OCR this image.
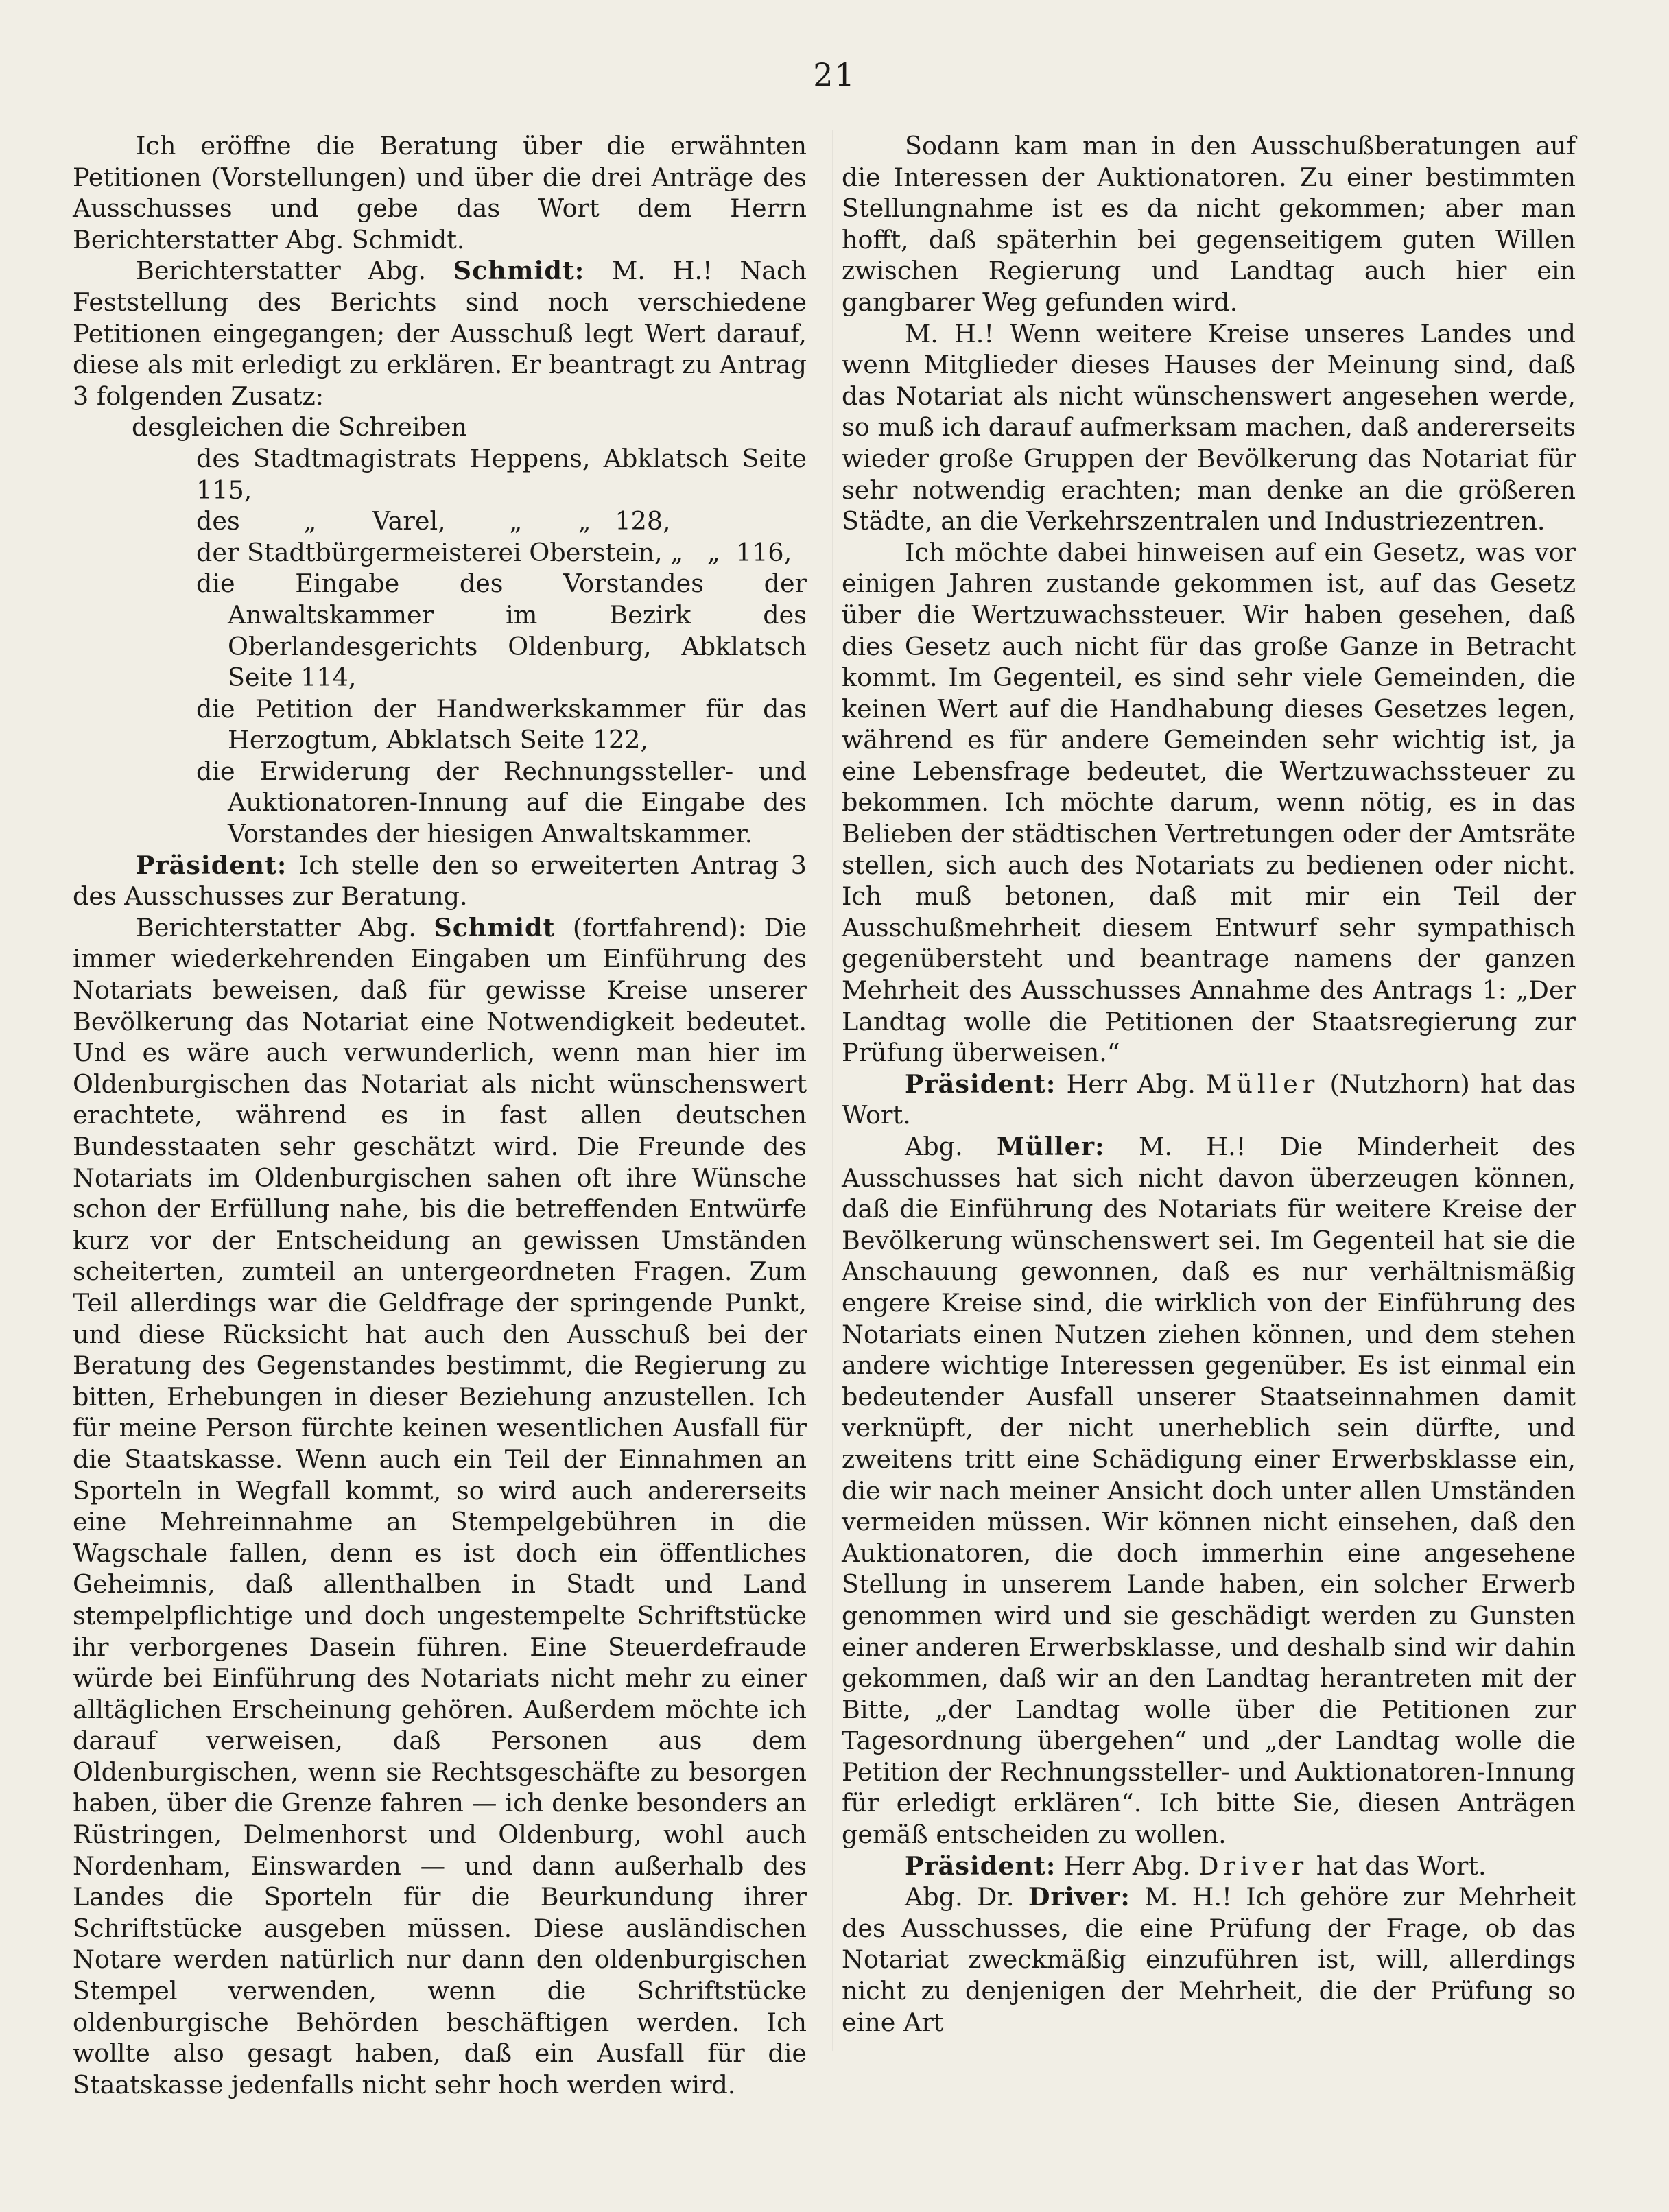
21

Ich eröffne die Beratung über die erwähnten Petitionen (Vorstellungen) und über die drei Anträge des Ausschusses und gebe das Wort dem Herrn Berichterstatter Abg. Schmidt.

Berichterstatter Abg. Schmidt: M. H.! Nach Feststellung des Berichts sind noch verschiedene Petitionen eingegangen; der Ausschuß legt Wert darauf, diese als mit erledigt zu erklären. Er beantragt zu Antrag 3 folgenden Zusatz:

desgleichen die Schreiben
des Stadtmagistrats Heppens, Abklatsch Seite 115,
des        „       Varel,        „       „   128,
der Stadtbürgermeisterei Oberstein, „   „  116,
die Eingabe des Vorstandes der Anwaltskammer im Bezirk des Oberlandesgerichts Oldenburg, Abklatsch Seite 114,
die Petition der Handwerkskammer für das Herzogtum, Abklatsch Seite 122,
die Erwiderung der Rechnungssteller- und Auktionatoren-Innung auf die Eingabe des Vorstandes der hiesigen Anwaltskammer.

Präsident: Ich stelle den so erweiterten Antrag 3 des Ausschusses zur Beratung.

Berichterstatter Abg. Schmidt (fortfahrend): Die immer wiederkehrenden Eingaben um Einführung des Notariats beweisen, daß für gewisse Kreise unserer Bevölkerung das Notariat eine Notwendigkeit bedeutet. Und es wäre auch verwunderlich, wenn man hier im Oldenburgischen das Notariat als nicht wünschenswert erachtete, während es in fast allen deutschen Bundesstaaten sehr geschätzt wird. Die Freunde des Notariats im Oldenburgischen sahen oft ihre Wünsche schon der Erfüllung nahe, bis die betreffenden Entwürfe kurz vor der Entscheidung an gewissen Umständen scheiterten, zumteil an untergeordneten Fragen. Zum Teil allerdings war die Geldfrage der springende Punkt, und diese Rücksicht hat auch den Ausschuß bei der Beratung des Gegenstandes bestimmt, die Regierung zu bitten, Erhebungen in dieser Beziehung anzustellen. Ich für meine Person fürchte keinen wesentlichen Ausfall für die Staatskasse. Wenn auch ein Teil der Einnahmen an Sporteln in Wegfall kommt, so wird auch andererseits eine Mehreinnahme an Stempelgebühren in die Wagschale fallen, denn es ist doch ein öffentliches Geheimnis, daß allenthalben in Stadt und Land stempelpflichtige und doch ungestempelte Schriftstücke ihr verborgenes Dasein führen. Eine Steuerdefraude würde bei Einführung des Notariats nicht mehr zu einer alltäglichen Erscheinung gehören. Außerdem möchte ich darauf verweisen, daß Personen aus dem Oldenburgischen, wenn sie Rechtsgeschäfte zu besorgen haben, über die Grenze fahren — ich denke besonders an Rüstringen, Delmenhorst und Oldenburg, wohl auch Nordenham, Einswarden — und dann außerhalb des Landes die Sporteln für die Beurkundung ihrer Schriftstücke ausgeben müssen. Diese ausländischen Notare werden natürlich nur dann den oldenburgischen Stempel verwenden, wenn die Schriftstücke oldenburgische Behörden beschäftigen werden. Ich wollte also gesagt haben, daß ein Ausfall für die Staatskasse jedenfalls nicht sehr hoch werden wird.

Sodann kam man in den Ausschußberatungen auf die Interessen der Auktionatoren. Zu einer bestimmten Stellungnahme ist es da nicht gekommen; aber man hofft, daß späterhin bei gegenseitigem guten Willen zwischen Regierung und Landtag auch hier ein gangbarer Weg gefunden wird.

M. H.! Wenn weitere Kreise unseres Landes und wenn Mitglieder dieses Hauses der Meinung sind, daß das Notariat als nicht wünschenswert angesehen werde, so muß ich darauf aufmerksam machen, daß andererseits wieder große Gruppen der Bevölkerung das Notariat für sehr notwendig erachten; man denke an die größeren Städte, an die Verkehrszentralen und Industriezentren.

Ich möchte dabei hinweisen auf ein Gesetz, was vor einigen Jahren zustande gekommen ist, auf das Gesetz über die Wertzuwachssteuer. Wir haben gesehen, daß dies Gesetz auch nicht für das große Ganze in Betracht kommt. Im Gegenteil, es sind sehr viele Gemeinden, die keinen Wert auf die Handhabung dieses Gesetzes legen, während es für andere Gemeinden sehr wichtig ist, ja eine Lebensfrage bedeutet, die Wertzuwachssteuer zu bekommen. Ich möchte darum, wenn nötig, es in das Belieben der städtischen Vertretungen oder der Amtsräte stellen, sich auch des Notariats zu bedienen oder nicht. Ich muß betonen, daß mit mir ein Teil der Ausschußmehrheit diesem Entwurf sehr sympathisch gegenübersteht und beantrage namens der ganzen Mehrheit des Ausschusses Annahme des Antrags 1: „Der Landtag wolle die Petitionen der Staatsregierung zur Prüfung überweisen.“

Präsident: Herr Abg. Müller (Nutzhorn) hat das Wort.

Abg. Müller: M. H.! Die Minderheit des Ausschusses hat sich nicht davon überzeugen können, daß die Einführung des Notariats für weitere Kreise der Bevölkerung wünschenswert sei. Im Gegenteil hat sie die Anschauung gewonnen, daß es nur verhältnismäßig engere Kreise sind, die wirklich von der Einführung des Notariats einen Nutzen ziehen können, und dem stehen andere wichtige Interessen gegenüber. Es ist einmal ein bedeutender Ausfall unserer Staatseinnahmen damit verknüpft, der nicht unerheblich sein dürfte, und zweitens tritt eine Schädigung einer Erwerbsklasse ein, die wir nach meiner Ansicht doch unter allen Umständen vermeiden müssen. Wir können nicht einsehen, daß den Auktionatoren, die doch immerhin eine angesehene Stellung in unserem Lande haben, ein solcher Erwerb genommen wird und sie geschädigt werden zu Gunsten einer anderen Erwerbsklasse, und deshalb sind wir dahin gekommen, daß wir an den Landtag herantreten mit der Bitte, „der Landtag wolle über die Petitionen zur Tagesordnung übergehen“ und „der Landtag wolle die Petition der Rechnungssteller- und Auktionatoren-Innung für erledigt erklären“. Ich bitte Sie, diesen Anträgen gemäß entscheiden zu wollen.

Präsident: Herr Abg. Driver hat das Wort.

Abg. Dr. Driver: M. H.! Ich gehöre zur Mehrheit des Ausschusses, die eine Prüfung der Frage, ob das Notariat zweckmäßig einzuführen ist, will, allerdings nicht zu denjenigen der Mehrheit, die der Prüfung so eine Art
